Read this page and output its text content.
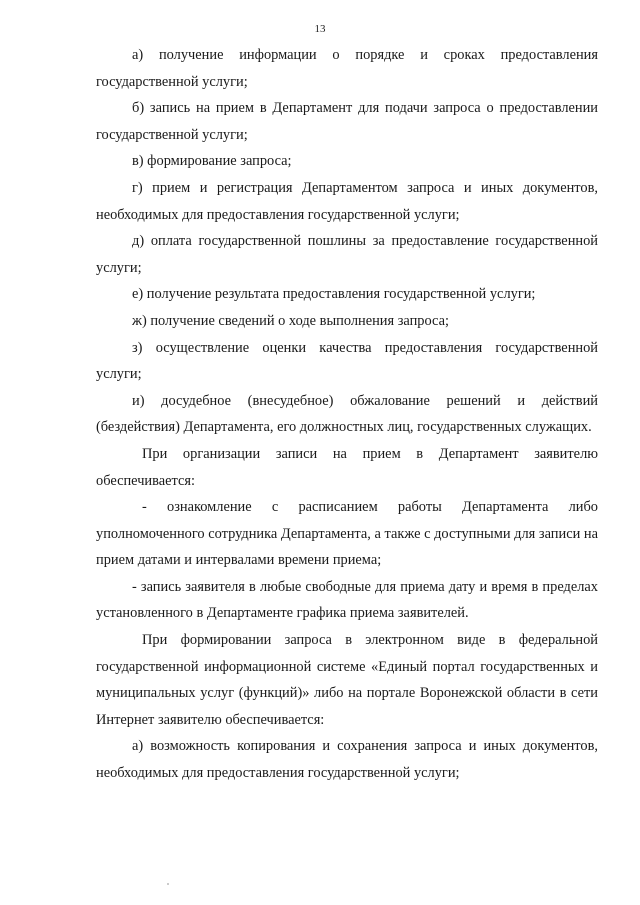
13

а) получение информации о порядке и сроках предоставления государственной услуги;

б) запись на прием в Департамент для подачи запроса о предоставлении государственной услуги;

в) формирование запроса;

г) прием и регистрация Департаментом запроса и иных документов, необходимых для предоставления государственной услуги;

д) оплата государственной пошлины за предоставление государственной услуги;

е) получение результата предоставления государственной услуги;

ж) получение сведений о ходе выполнения запроса;

з) осуществление оценки качества предоставления государственной услуги;

и) досудебное (внесудебное) обжалование решений и действий (бездействия) Департамента, его должностных лиц, государственных служащих.

При организации записи на прием в Департамент заявителю обеспечивается:

- ознакомление с расписанием работы Департамента либо уполномоченного сотрудника Департамента, а также с доступными для записи на прием датами и интервалами времени приема;

- запись заявителя в любые свободные для приема дату и время в пределах установленного в Департаменте графика приема заявителей.

При формировании запроса в электронном виде в федеральной государственной информационной системе «Единый портал государственных и муниципальных услуг (функций)» либо на портале Воронежской области в сети Интернет заявителю обеспечивается:

а) возможность копирования и сохранения запроса и иных документов, необходимых для предоставления государственной услуги;
